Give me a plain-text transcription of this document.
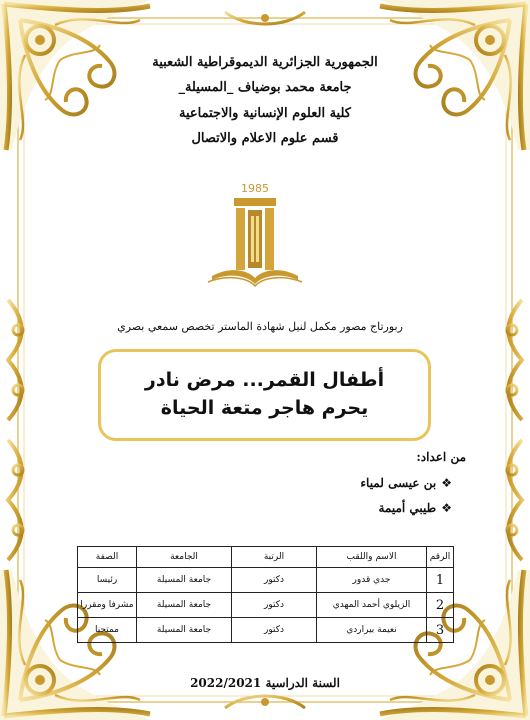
الجمهورية الجزائرية الديموقراطية الشعبية
جامعة محمد بوضياف _المسيلة_
كلية العلوم الإنسانية والاجتماعية
قسم علوم الاعلام والاتصال
1985
ربورتاج مصور مكمل لنيل شهادة الماستر تخصص سمعي بصري
أطفال القمر... مرض نادر يحرم هاجر متعة الحياة
من اعداد:
❖بن عيسى لمياء
❖طيبي أميمة
الرقم	الاسم واللقب	الرتبة	الجامعة	الصفة
1	جدي قدور	دكتور	جامعة المسيلة	رئيسا
2	الزيلوي أحمد المهدي	دكتور	جامعة المسيلة	مشرفا ومقررا
3	نعيمة بيراردي	دكتور	جامعة المسيلة	ممتحنا
السنة الدراسية 2022/2021
